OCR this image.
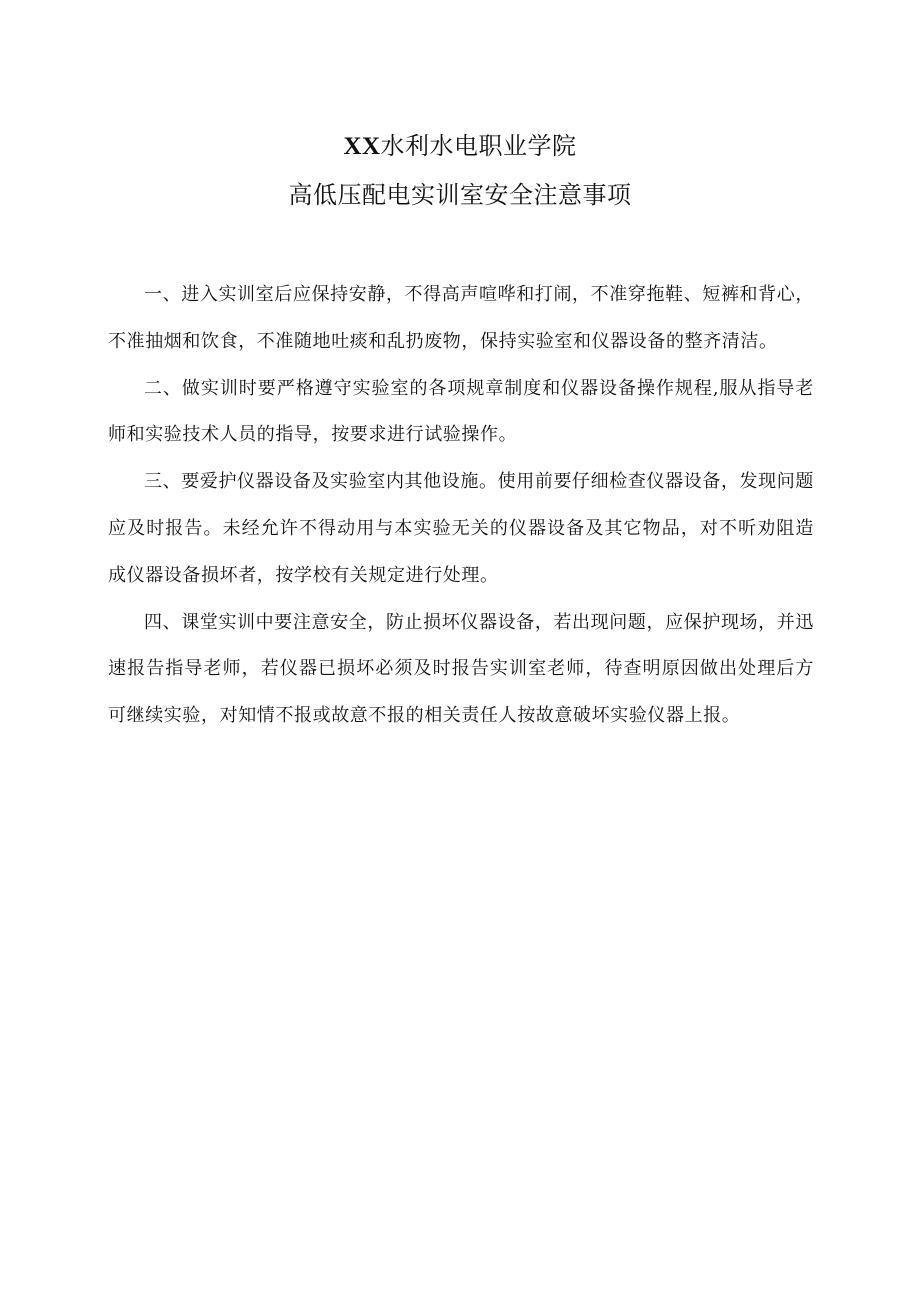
XX水利水电职业学院
高低压配电实训室安全注意事项

一、进入实训室后应保持安静，不得高声喧哗和打闹，不准穿拖鞋、短裤和背心，不准抽烟和饮食，不准随地吐痰和乱扔废物，保持实验室和仪器设备的整齐清洁。

二、做实训时要严格遵守实验室的各项规章制度和仪器设备操作规程,服从指导老师和实验技术人员的指导，按要求进行试验操作。

三、要爱护仪器设备及实验室内其他设施。使用前要仔细检查仪器设备，发现问题应及时报告。未经允许不得动用与本实验无关的仪器设备及其它物品，对不听劝阻造成仪器设备损坏者，按学校有关规定进行处理。

四、课堂实训中要注意安全，防止损坏仪器设备，若出现问题，应保护现场，并迅速报告指导老师，若仪器已损坏必须及时报告实训室老师，待查明原因做出处理后方可继续实验，对知情不报或故意不报的相关责任人按故意破坏实验仪器上报。
